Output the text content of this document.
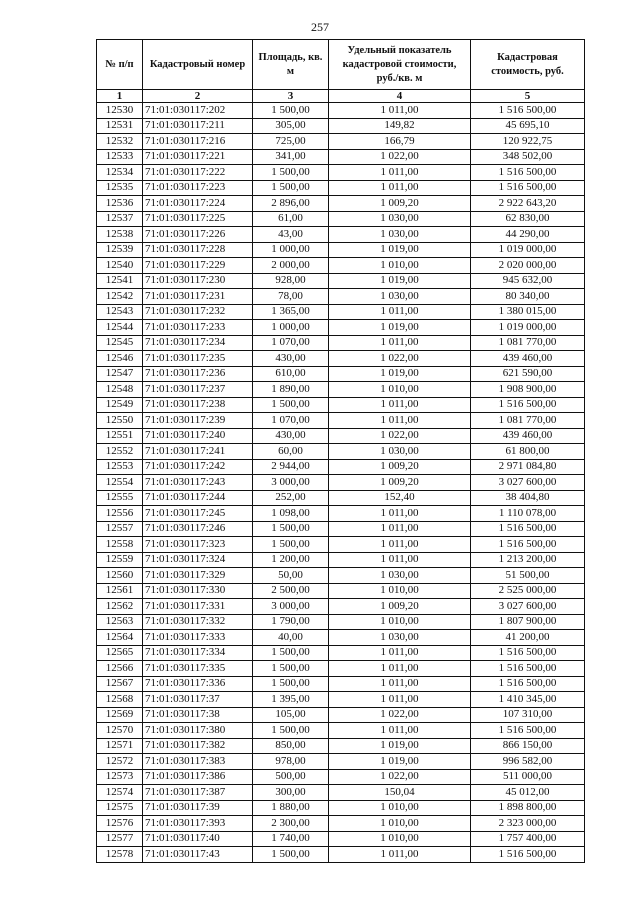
257
№ п/п	Кадастровый номер	Площадь, кв. м	Удельный показатель кадастровой стоимости, руб./кв. м	Кадастровая стоимость, руб.
1	2	3	4	5
12530	71:01:030117:202	1 500,00	1 011,00	1 516 500,00
12531	71:01:030117:211	305,00	149,82	45 695,10
12532	71:01:030117:216	725,00	166,79	120 922,75
12533	71:01:030117:221	341,00	1 022,00	348 502,00
12534	71:01:030117:222	1 500,00	1 011,00	1 516 500,00
12535	71:01:030117:223	1 500,00	1 011,00	1 516 500,00
12536	71:01:030117:224	2 896,00	1 009,20	2 922 643,20
12537	71:01:030117:225	61,00	1 030,00	62 830,00
12538	71:01:030117:226	43,00	1 030,00	44 290,00
12539	71:01:030117:228	1 000,00	1 019,00	1 019 000,00
12540	71:01:030117:229	2 000,00	1 010,00	2 020 000,00
12541	71:01:030117:230	928,00	1 019,00	945 632,00
12542	71:01:030117:231	78,00	1 030,00	80 340,00
12543	71:01:030117:232	1 365,00	1 011,00	1 380 015,00
12544	71:01:030117:233	1 000,00	1 019,00	1 019 000,00
12545	71:01:030117:234	1 070,00	1 011,00	1 081 770,00
12546	71:01:030117:235	430,00	1 022,00	439 460,00
12547	71:01:030117:236	610,00	1 019,00	621 590,00
12548	71:01:030117:237	1 890,00	1 010,00	1 908 900,00
12549	71:01:030117:238	1 500,00	1 011,00	1 516 500,00
12550	71:01:030117:239	1 070,00	1 011,00	1 081 770,00
12551	71:01:030117:240	430,00	1 022,00	439 460,00
12552	71:01:030117:241	60,00	1 030,00	61 800,00
12553	71:01:030117:242	2 944,00	1 009,20	2 971 084,80
12554	71:01:030117:243	3 000,00	1 009,20	3 027 600,00
12555	71:01:030117:244	252,00	152,40	38 404,80
12556	71:01:030117:245	1 098,00	1 011,00	1 110 078,00
12557	71:01:030117:246	1 500,00	1 011,00	1 516 500,00
12558	71:01:030117:323	1 500,00	1 011,00	1 516 500,00
12559	71:01:030117:324	1 200,00	1 011,00	1 213 200,00
12560	71:01:030117:329	50,00	1 030,00	51 500,00
12561	71:01:030117:330	2 500,00	1 010,00	2 525 000,00
12562	71:01:030117:331	3 000,00	1 009,20	3 027 600,00
12563	71:01:030117:332	1 790,00	1 010,00	1 807 900,00
12564	71:01:030117:333	40,00	1 030,00	41 200,00
12565	71:01:030117:334	1 500,00	1 011,00	1 516 500,00
12566	71:01:030117:335	1 500,00	1 011,00	1 516 500,00
12567	71:01:030117:336	1 500,00	1 011,00	1 516 500,00
12568	71:01:030117:37	1 395,00	1 011,00	1 410 345,00
12569	71:01:030117:38	105,00	1 022,00	107 310,00
12570	71:01:030117:380	1 500,00	1 011,00	1 516 500,00
12571	71:01:030117:382	850,00	1 019,00	866 150,00
12572	71:01:030117:383	978,00	1 019,00	996 582,00
12573	71:01:030117:386	500,00	1 022,00	511 000,00
12574	71:01:030117:387	300,00	150,04	45 012,00
12575	71:01:030117:39	1 880,00	1 010,00	1 898 800,00
12576	71:01:030117:393	2 300,00	1 010,00	2 323 000,00
12577	71:01:030117:40	1 740,00	1 010,00	1 757 400,00
12578	71:01:030117:43	1 500,00	1 011,00	1 516 500,00
